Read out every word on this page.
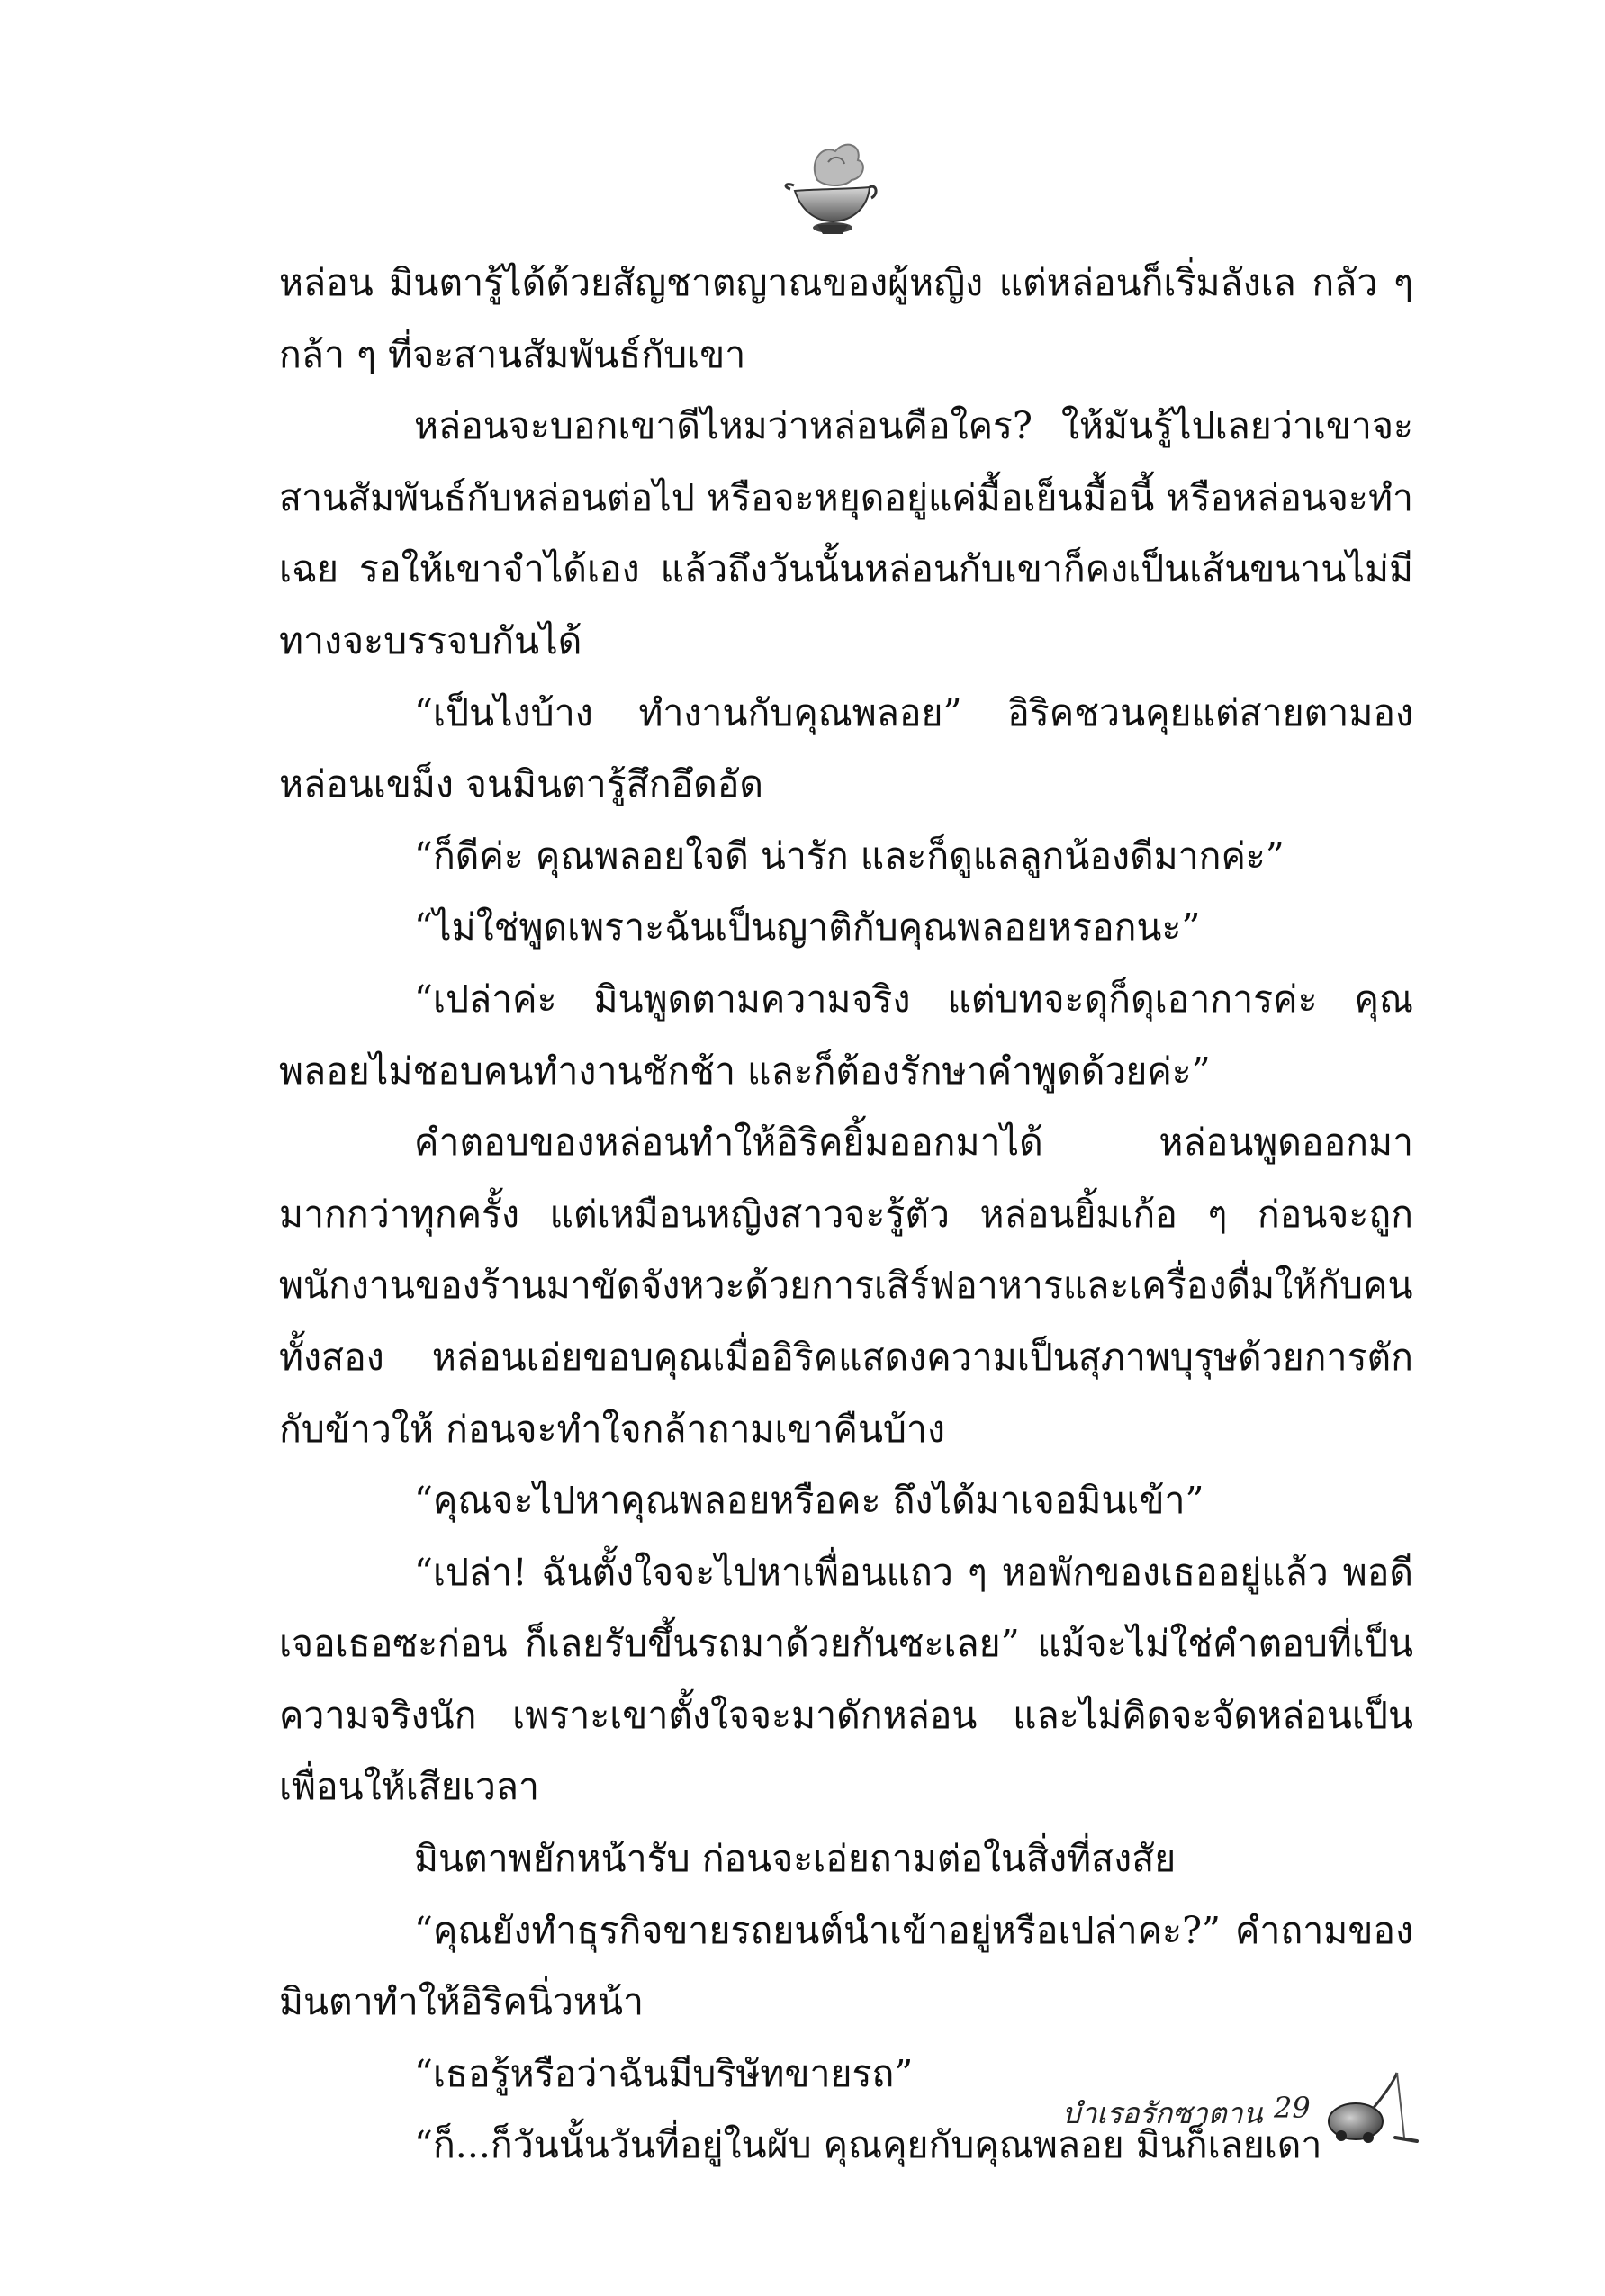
หล่อน มินตารู้ได้ด้วยสัญชาตญาณของผู้หญิง แต่หล่อนก็เริ่มลังเล กลัว ๆ กล้า ๆ ที่จะสานสัมพันธ์กับเขา

หล่อนจะบอกเขาดีไหมว่าหล่อนคือใคร? ให้มันรู้ไปเลยว่าเขาจะสานสัมพันธ์กับหล่อนต่อไป หรือจะหยุดอยู่แค่มื้อเย็นมื้อนี้ หรือหล่อนจะทำเฉย รอให้เขาจำได้เอง แล้วถึงวันนั้นหล่อนกับเขาก็คงเป็นเส้นขนานไม่มีทางจะบรรจบกันได้

“เป็นไงบ้าง ทำงานกับคุณพลอย” อิริคชวนคุยแต่สายตามองหล่อนเขม็ง จนมินตารู้สึกอึดอัด

“ก็ดีค่ะ คุณพลอยใจดี น่ารัก และก็ดูแลลูกน้องดีมากค่ะ”

“ไม่ใช่พูดเพราะฉันเป็นญาติกับคุณพลอยหรอกนะ”

“เปล่าค่ะ มินพูดตามความจริง แต่บทจะดุก็ดุเอาการค่ะ คุณพลอยไม่ชอบคนทำงานชักช้า และก็ต้องรักษาคำพูดด้วยค่ะ”

คำตอบของหล่อนทำให้อิริคยิ้มออกมาได้ หล่อนพูดออกมามากกว่าทุกครั้ง แต่เหมือนหญิงสาวจะรู้ตัว หล่อนยิ้มเก้อ ๆ ก่อนจะถูกพนักงานของร้านมาขัดจังหวะด้วยการเสิร์ฟอาหารและเครื่องดื่มให้กับคนทั้งสอง หล่อนเอ่ยขอบคุณเมื่ออิริคแสดงความเป็นสุภาพบุรุษด้วยการตักกับข้าวให้ ก่อนจะทำใจกล้าถามเขาคืนบ้าง

“คุณจะไปหาคุณพลอยหรือคะ ถึงได้มาเจอมินเข้า”

“เปล่า! ฉันตั้งใจจะไปหาเพื่อนแถว ๆ หอพักของเธออยู่แล้ว พอดีเจอเธอซะก่อน ก็เลยรับขึ้นรถมาด้วยกันซะเลย” แม้จะไม่ใช่คำตอบที่เป็นความจริงนัก เพราะเขาตั้งใจจะมาดักหล่อน และไม่คิดจะจัดหล่อนเป็นเพื่อนให้เสียเวลา

มินตาพยักหน้ารับ ก่อนจะเอ่ยถามต่อในสิ่งที่สงสัย

“คุณยังทำธุรกิจขายรถยนต์นำเข้าอยู่หรือเปล่าคะ?” คำถามของมินตาทำให้อิริคนิ่วหน้า

“เธอรู้หรือว่าฉันมีบริษัทขายรถ”

“ก็...ก็วันนั้นวันที่อยู่ในผับ คุณคุยกับคุณพลอย มินก็เลยเดา

บำเรอรักซาตาน 29
